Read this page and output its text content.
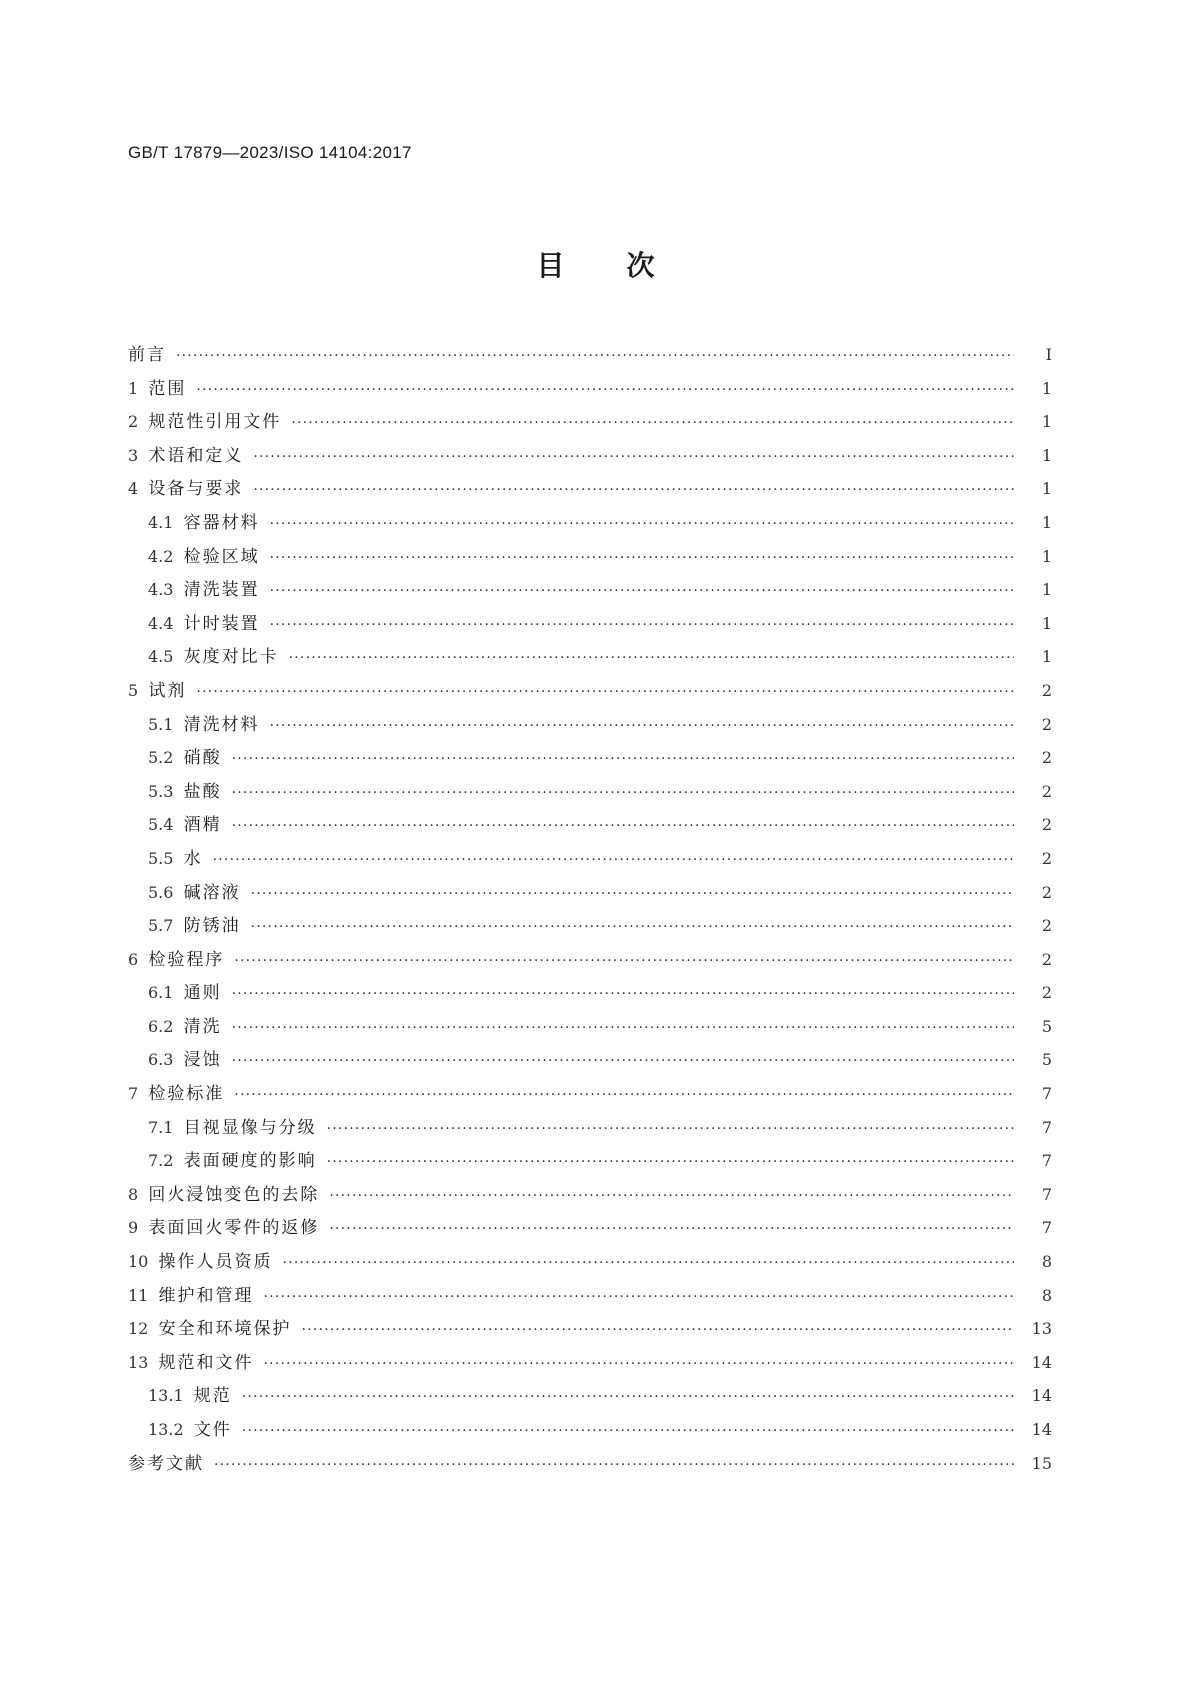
GB/T 17879—2023/ISO 14104:2017
目次
前言 ·····	Ⅰ
1 范围 ·····	1
2 规范性引用文件 ·····	1
3 术语和定义 ·····	1
4 设备与要求 ·····	1
4.1 容器材料 ·····	1
4.2 检验区域 ·····	1
4.3 清洗装置 ·····	1
4.4 计时装置 ·····	1
4.5 灰度对比卡 ·····	1
5 试剂 ·····	2
5.1 清洗材料 ·····	2
5.2 硝酸 ·····	2
5.3 盐酸 ·····	2
5.4 酒精 ·····	2
5.5 水 ·····	2
5.6 碱溶液 ·····	2
5.7 防锈油 ·····	2
6 检验程序 ·····	2
6.1 通则 ·····	2
6.2 清洗 ·····	5
6.3 浸蚀 ·····	5
7 检验标准 ·····	7
7.1 目视显像与分级 ·····	7
7.2 表面硬度的影响 ·····	7
8 回火浸蚀变色的去除 ·····	7
9 表面回火零件的返修 ·····	7
10 操作人员资质 ·····	8
11 维护和管理 ·····	8
12 安全和环境保护 ·····	13
13 规范和文件 ·····	14
13.1 规范 ·····	14
13.2 文件 ·····	14
参考文献 ·····	15
